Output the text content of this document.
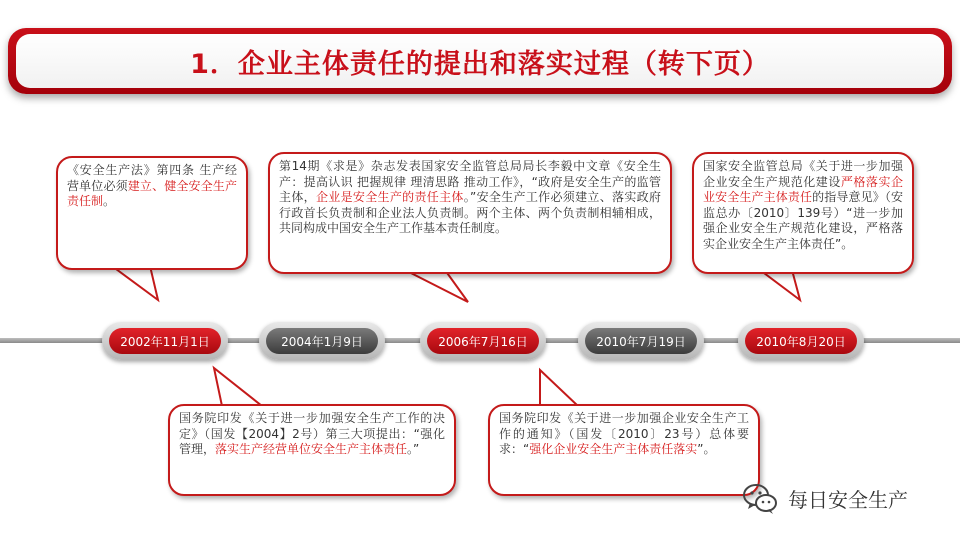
1．企业主体责任的提出和落实过程（转下页）
《安全生产法》第四条 生产经营单位必须建立、健全安全生产责任制。
第14期《求是》杂志发表国家安全监管总局局长李毅中文章《安全生产：提高认识 把握规律 理清思路 推动工作》，“政府是安全生产的监管主体，企业是安全生产的责任主体。”安全生产工作必须建立、落实政府行政首长负责制和企业法人负责制。两个主体、两个负责制相辅相成，共同构成中国安全生产工作基本责任制度。
国家安全监管总局《关于进一步加强企业安全生产规范化建设严格落实企业安全生产主体责任的指导意见》（安监总办〔2010〕139号）“进一步加强企业安全生产规范化建设，严格落实企业安全生产主体责任”。
国务院印发《关于进一步加强安全生产工作的决定》（国发【2004】2号）第三大项提出：“强化管理，落实生产经营单位安全生产主体责任。”
国务院印发《关于进一步加强企业安全生产工作的通知》（国发〔2010〕23号）总体要求：“强化企业安全生产主体责任落实”。
2002年11月1日	2004年1月9日	2006年7月16日	2010年7月19日	2010年8月20日
每日安全生产
